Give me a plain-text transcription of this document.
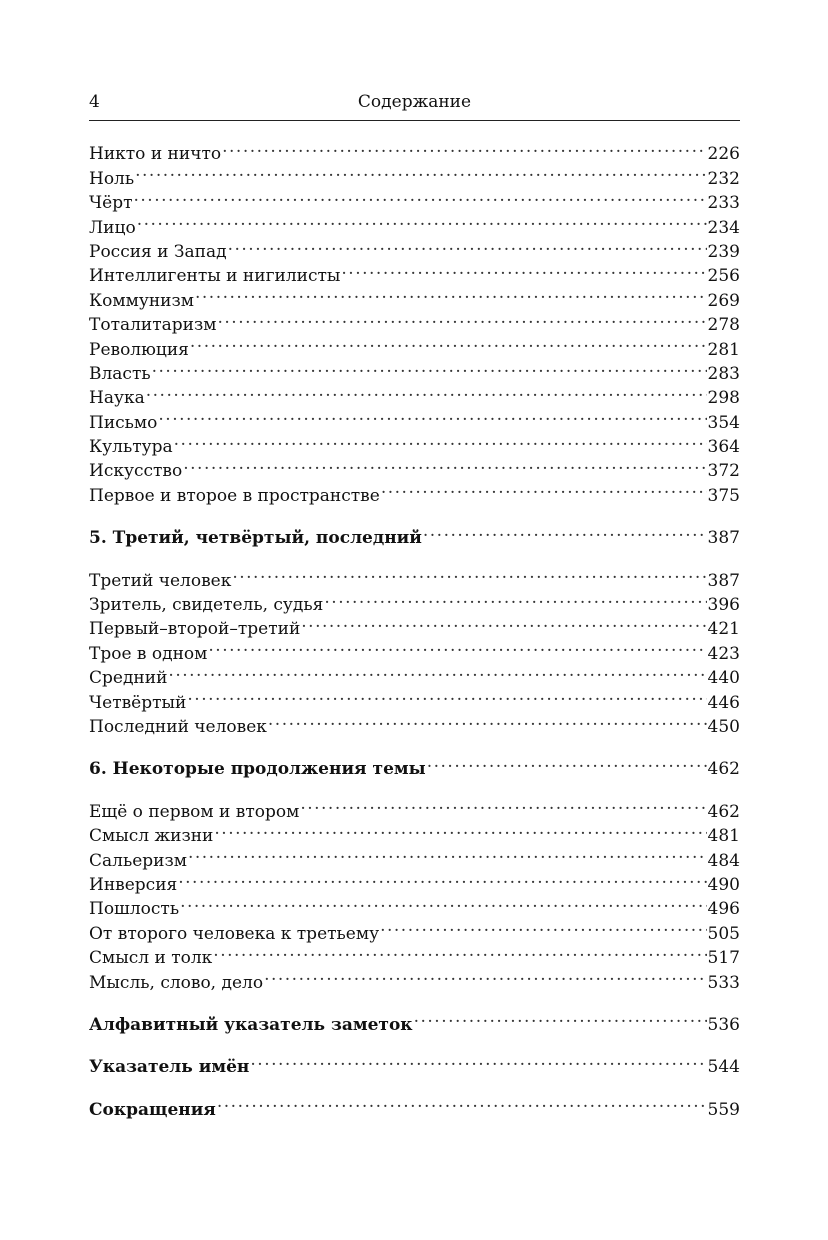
4	Содержание
Никто и ничто .....	226
Ноль .....	232
Чёрт .....	233
Лицо .....	234
Россия и Запад .....	239
Интеллигенты и нигилисты .....	256
Коммунизм .....	269
Тоталитаризм .....	278
Революция .....	281
Власть .....	283
Наука .....	298
Письмо .....	354
Культура .....	364
Искусство .....	372
Первое и второе в пространстве .....	375
5. Третий, четвёртый, последний .....	387
Третий человек .....	387
Зритель, свидетель, судья .....	396
Первый–второй–третий .....	421
Трое в одном .....	423
Средний .....	440
Четвёртый .....	446
Последний человек .....	450
6. Некоторые продолжения темы .....	462
Ещё о первом и втором .....	462
Смысл жизни .....	481
Сальеризм .....	484
Инверсия .....	490
Пошлость .....	496
От второго человека к третьему .....	505
Смысл и толк .....	517
Мысль, слово, дело .....	533
Алфавитный указатель заметок .....	536
Указатель имён .....	544
Сокращения .....	559
